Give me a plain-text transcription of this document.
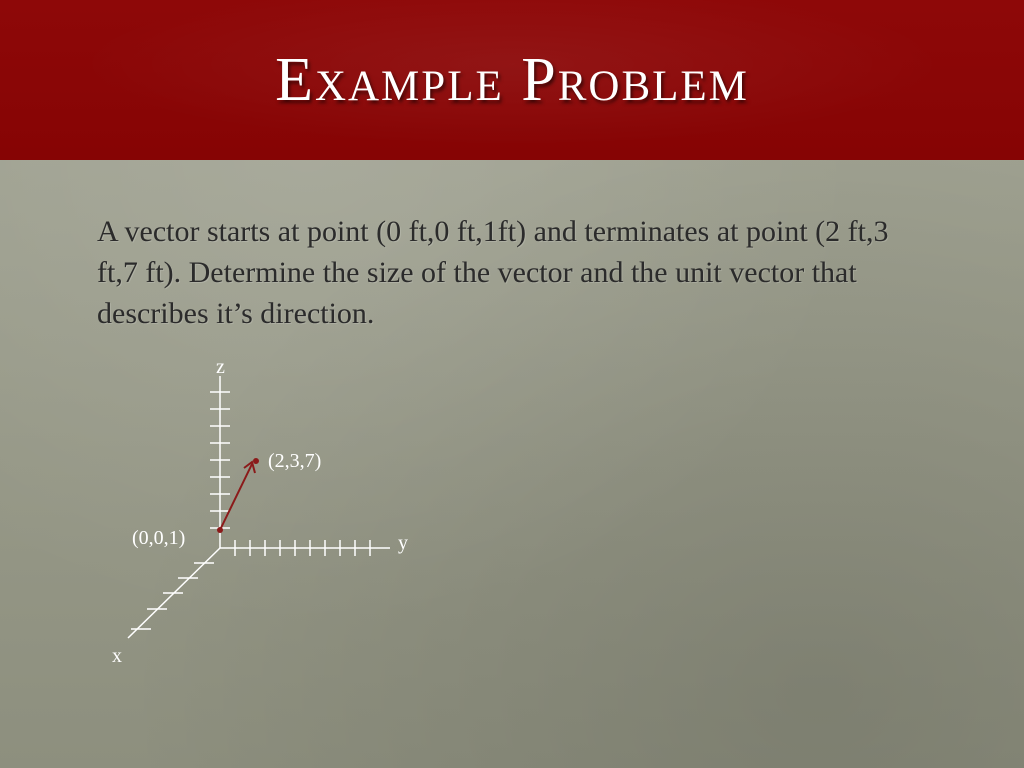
Example Problem
A vector starts at point (0 ft,0 ft,1ft) and terminates at point (2 ft,3 ft,7 ft). Determine the size of the vector and the unit vector that describes it’s direction.
z
y
x
(2,3,7)
(0,0,1)
